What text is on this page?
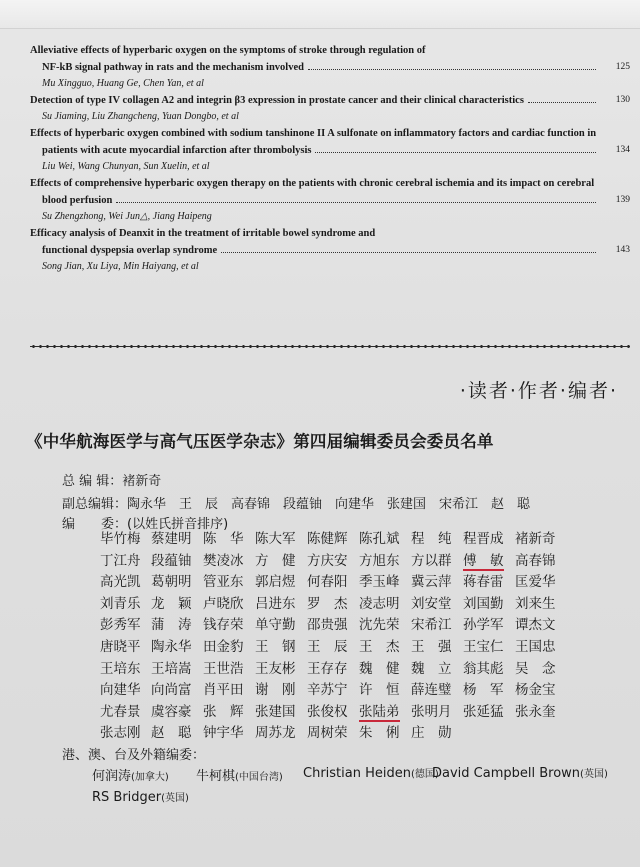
Alleviative effects of hyperbaric oxygen on the symptoms of stroke through regulation of
NF-kB signal pathway in rats and the mechanism involved	125
Mu Xingguo, Huang Ge, Chen Yan, et al
Detection of type IV collagen A2 and integrin β3 expression in prostate cancer and their clinical characteristics	130
Su Jiaming, Liu Zhangcheng, Yuan Dongbo, et al
Effects of hyperbaric oxygen combined with sodium tanshinone II A sulfonate on inflammatory factors and cardiac function in
patients with acute myocardial infarction after thrombolysis	134
Liu Wei, Wang Chunyan, Sun Xuelin, et al
Effects of comprehensive hyperbaric oxygen therapy on the patients with chronic cerebral ischemia and its impact on cerebral
blood perfusion	139
Su Zhengzhong, Wei Jun△, Jiang Haipeng
Efficacy analysis of Deanxit in the treatment of irritable bowel syndrome and
functional dyspepsia overlap syndrome	143
Song Jian, Xu Liya, Min Haiyang, et al
·读者·作者·编者·
《中华航海医学与高气压医学杂志》第四届编辑委员会委员名单
总 编 辑：褚新奇
副总编辑：陶永华　王　辰　高春锦　段蕴铀　向建华　张建国　宋希江　赵　聪
编　　委：(以姓氏拼音排序)
毕竹梅 蔡建明 陈　华 陈大军 陈健辉 陈孔斌 程　纯 程晋成 褚新奇
丁江舟 段蕴铀 樊凌冰 方　健 方庆安 方旭东 方以群 傅　敏 高春锦
高光凯 葛朝明 管亚东 郭启煜 何春阳 季玉峰 冀云萍 蒋春雷 匡爱华
刘青乐 龙　颖 卢晓欣 吕进东 罗　杰 凌志明 刘安堂 刘国勤 刘来生
彭秀军 蒲　涛 钱存荣 单守勤 邵贵强 沈先荣 宋希江 孙学军 谭杰文
唐晓平 陶永华 田金豹 王　钢 王　辰 王　杰 王　强 王宝仁 王国忠
王培东 王培嵩 王世浩 王友彬 王存存 魏　健 魏　立 翁其彪 吴　念
向建华 向尚富 肖平田 谢　刚 辛苏宁 许　恒 薛连璧 杨　军 杨金宝
尤春景 虞容豪 张　辉 张建国 张俊权 张陆弟 张明月 张延猛 张永奎
张志刚 赵　聪 钟宇华 周苏龙 周树荣 朱　俐 庄　勋
港、澳、台及外籍编委：
何润涛(加拿大) 牛柯棋(中国台湾) Christian Heiden(德国)
David Campbell Brown(英国)
RS Bridger(英国)
